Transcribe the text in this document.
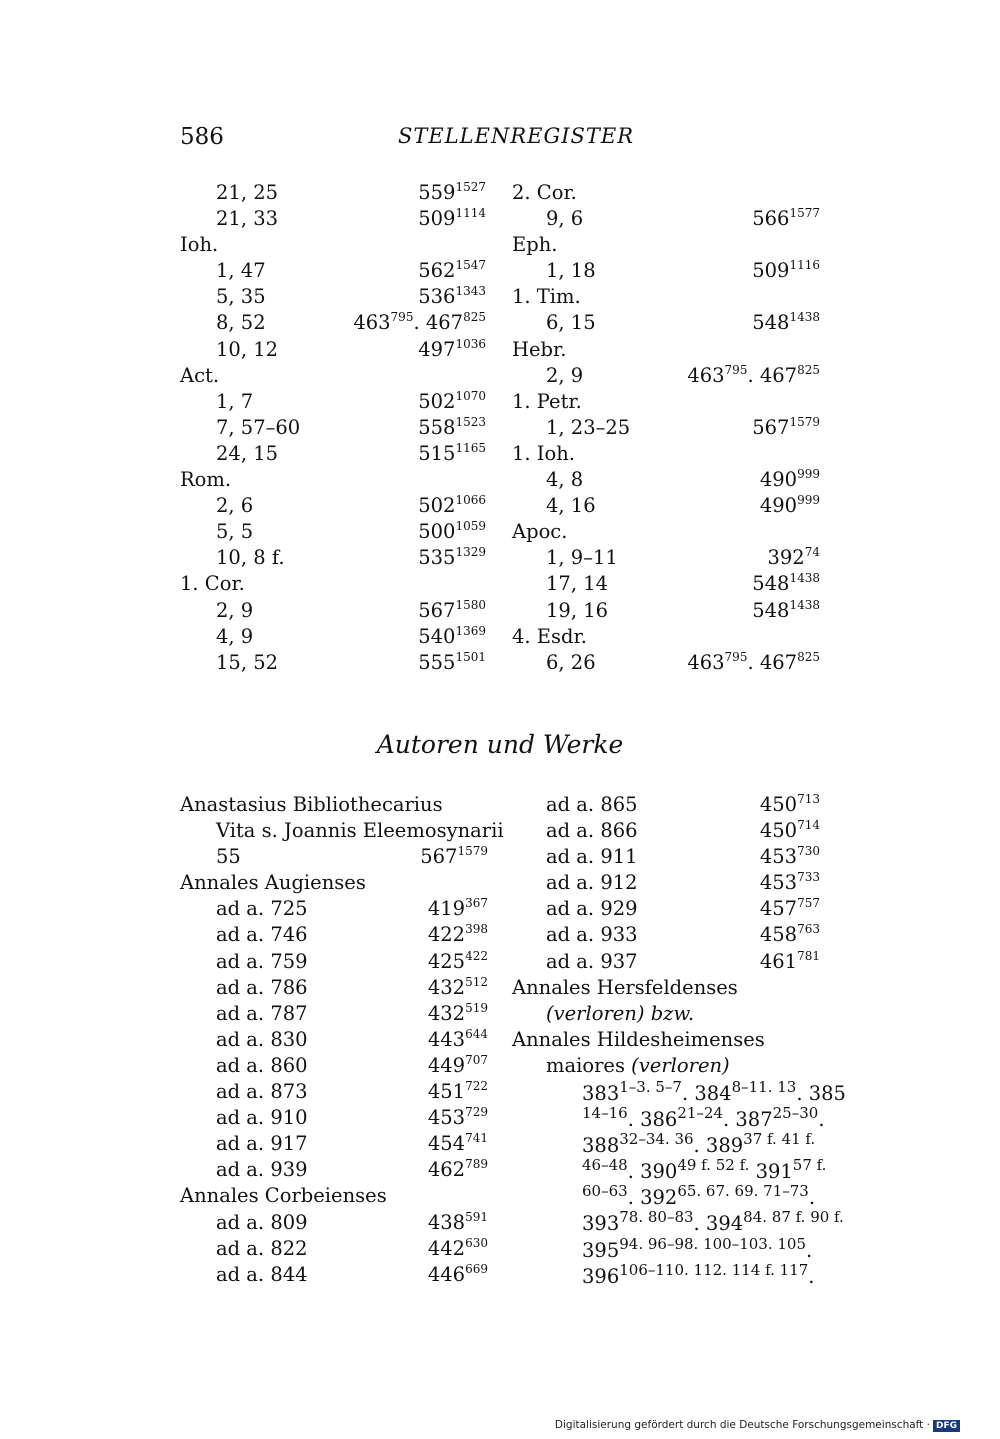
586	STELLENREGISTER
21, 25	$559^{1527}$
21, 33	$509^{1114}$
Ioh.
1, 47	$562^{1547}$
5, 35	$536^{1343}$
8, 52	$463^{795}$. $467^{825}$
10, 12	$497^{1036}$
Act.
1, 7	$502^{1070}$
7, 57–60	$558^{1523}$
24, 15	$515^{1165}$
Rom.
2, 6	$502^{1066}$
5, 5	$500^{1059}$
10, 8 f.	$535^{1329}$
1. Cor.
2, 9	$567^{1580}$
4, 9	$540^{1369}$
15, 52	$555^{1501}$
2. Cor.
9, 6	$566^{1577}$
Eph.
1, 18	$509^{1116}$
1. Tim.
6, 15	$548^{1438}$
Hebr.
2, 9	$463^{795}$. $467^{825}$
1. Petr.
1, 23–25	$567^{1579}$
1. Ioh.
4, 8	$490^{999}$
4, 16	$490^{999}$
Apoc.
1, 9–11	$392^{74}$
17, 14	$548^{1438}$
19, 16	$548^{1438}$
4. Esdr.
6, 26	$463^{795}$. $467^{825}$
Autoren und Werke
Anastasius Bibliothecarius
Vita s. Joannis Eleemosynarii
55	$567^{1579}$
Annales Augienses
ad a. 725	$419^{367}$
ad a. 746	$422^{398}$
ad a. 759	$425^{422}$
ad a. 786	$432^{512}$
ad a. 787	$432^{519}$
ad a. 830	$443^{644}$
ad a. 860	$449^{707}$
ad a. 873	$451^{722}$
ad a. 910	$453^{729}$
ad a. 917	$454^{741}$
ad a. 939	$462^{789}$
Annales Corbeienses
ad a. 809	$438^{591}$
ad a. 822	$442^{630}$
ad a. 844	$446^{669}$
ad a. 865	$450^{713}$
ad a. 866	$450^{714}$
ad a. 911	$453^{730}$
ad a. 912	$453^{733}$
ad a. 929	$457^{757}$
ad a. 933	$458^{763}$
ad a. 937	$461^{781}$
Annales Hersfeldenses
(verloren) bzw.
Annales Hildesheimenses
maiores (verloren)
$383^{1-3. 5-7}$. $384^{8-11. 13}$. 385
$^{14-16}$. 386$^{21-24}$. 387$^{25-30}$.
$388^{32-34. 36}$. $389^{37 f. 41 f.}$
$^{46-48}$. $390^{49 f. 52 f.}$ $391^{57 f.}$
$^{60-63}$. $392^{65. 67. 69. 71-73}$.
$393^{78. 80-83}$. $394^{84. 87 f. 90 f.}$
$395^{94. 96-98. 100-103. 105}$.
$396^{106-110. 112. 114 f. 117}$.
Digitalisierung gefördert durch die Deutsche Forschungsgemeinschaft · DFG
